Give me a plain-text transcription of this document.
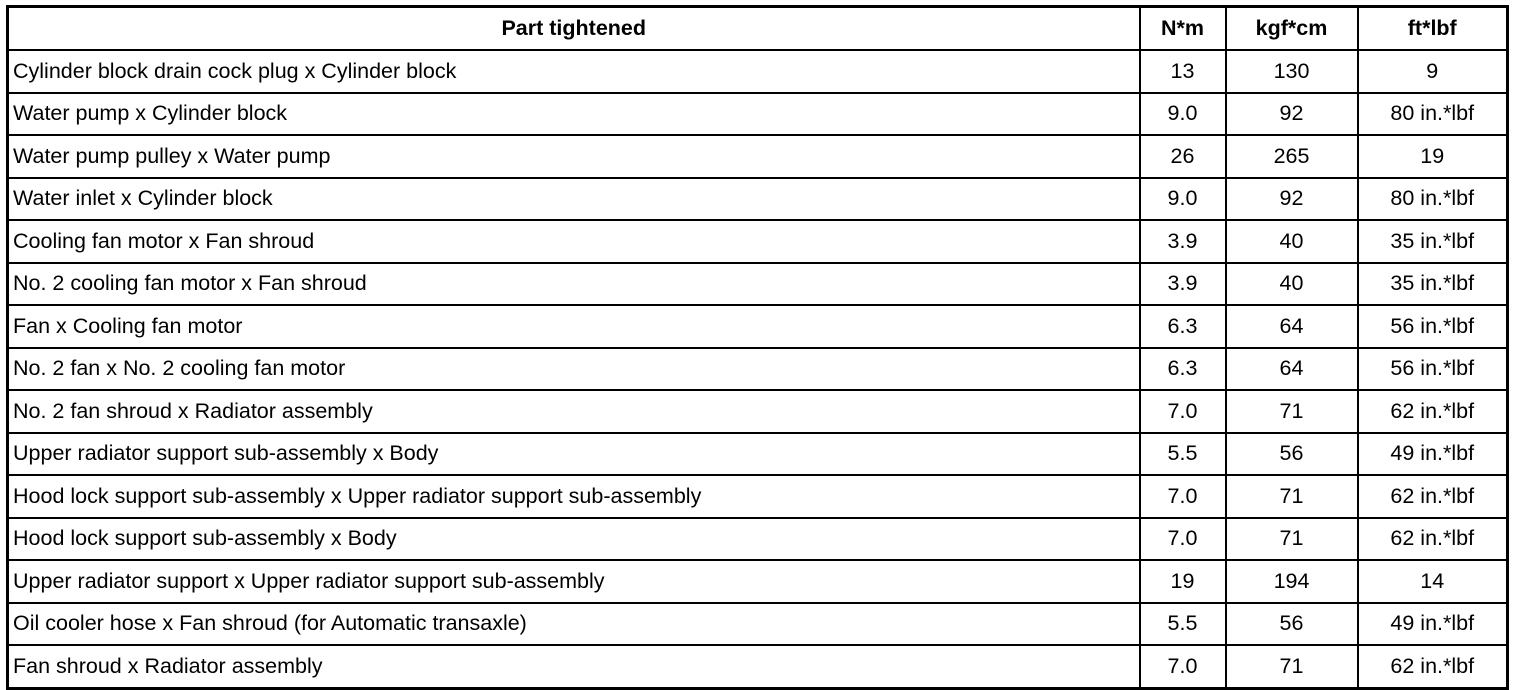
Part tightened	N*m	kgf*cm	ft*lbf
Cylinder block drain cock plug x Cylinder block	13	130	9
Water pump x Cylinder block	9.0	92	80 in.*lbf
Water pump pulley x Water pump	26	265	19
Water inlet x Cylinder block	9.0	92	80 in.*lbf
Cooling fan motor x Fan shroud	3.9	40	35 in.*lbf
No. 2 cooling fan motor x Fan shroud	3.9	40	35 in.*lbf
Fan x Cooling fan motor	6.3	64	56 in.*lbf
No. 2 fan x No. 2 cooling fan motor	6.3	64	56 in.*lbf
No. 2 fan shroud x Radiator assembly	7.0	71	62 in.*lbf
Upper radiator support sub-assembly x Body	5.5	56	49 in.*lbf
Hood lock support sub-assembly x Upper radiator support sub-assembly	7.0	71	62 in.*lbf
Hood lock support sub-assembly x Body	7.0	71	62 in.*lbf
Upper radiator support x Upper radiator support sub-assembly	19	194	14
Oil cooler hose x Fan shroud (for Automatic transaxle)	5.5	56	49 in.*lbf
Fan shroud x Radiator assembly	7.0	71	62 in.*lbf
